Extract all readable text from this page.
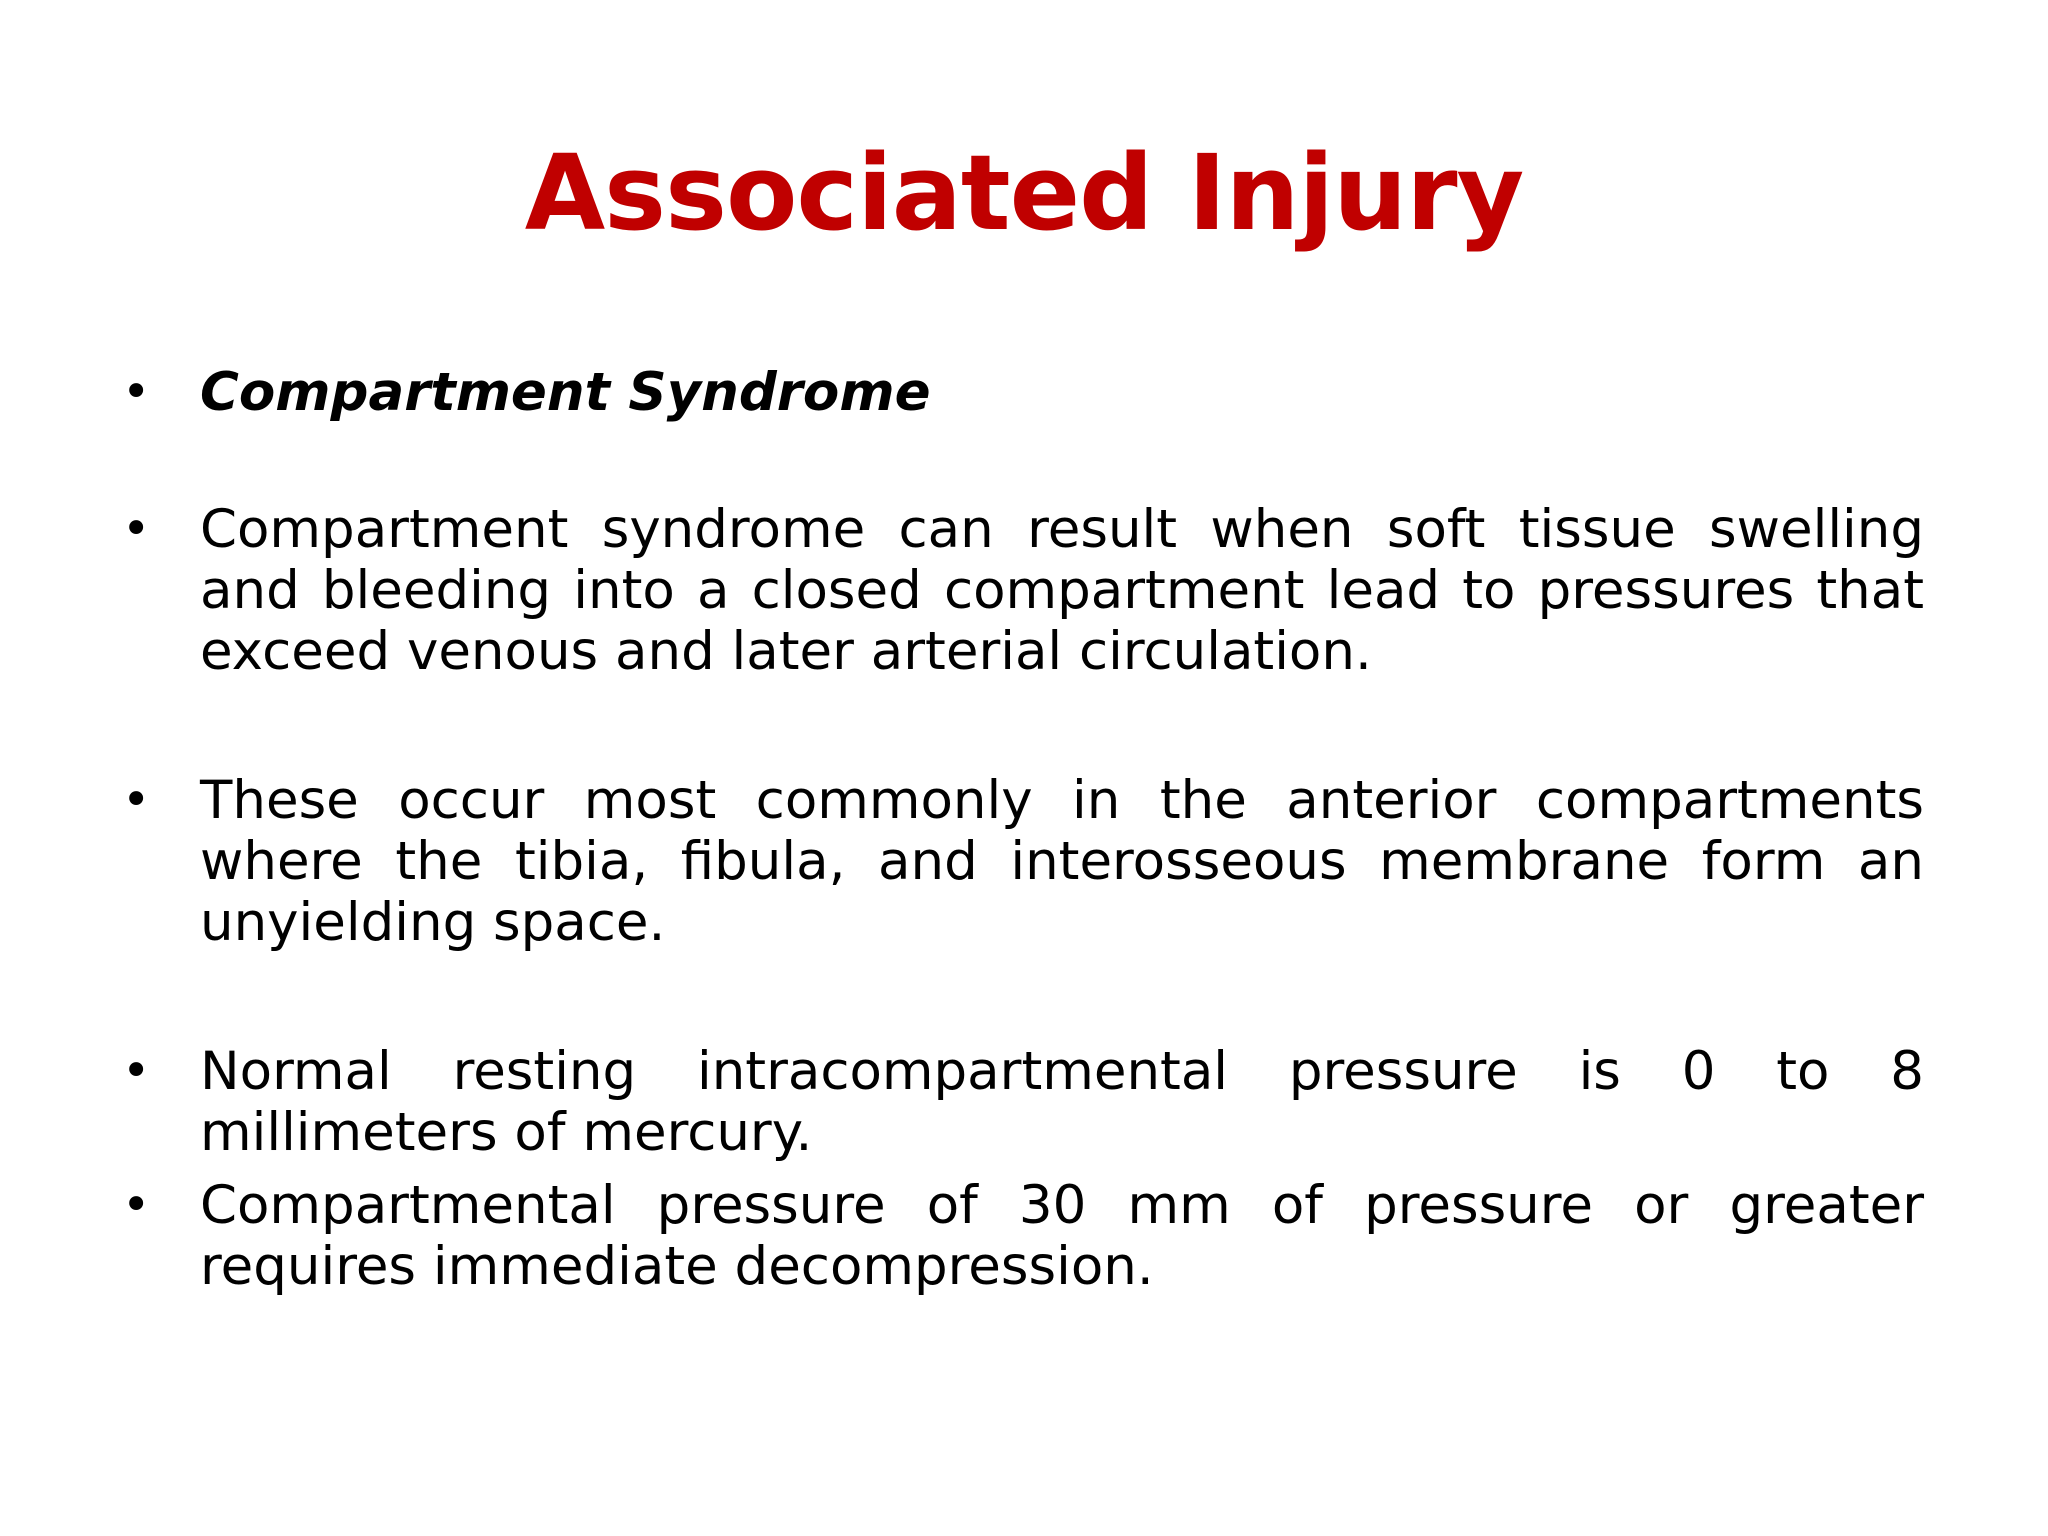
Associated Injury
• Compartment Syndrome
• Compartment syndrome can result when soft tissue swelling and bleeding into a closed compartment lead to pressures that exceed venous and later arterial circulation.
• These occur most commonly in the anterior compartments where the tibia, fibula, and interosseous membrane form an unyielding space.
• Normal resting intracompartmental pressure is 0 to 8 millimeters of mercury.
• Compartmental pressure of 30 mm of pressure or greater requires immediate decompression.
